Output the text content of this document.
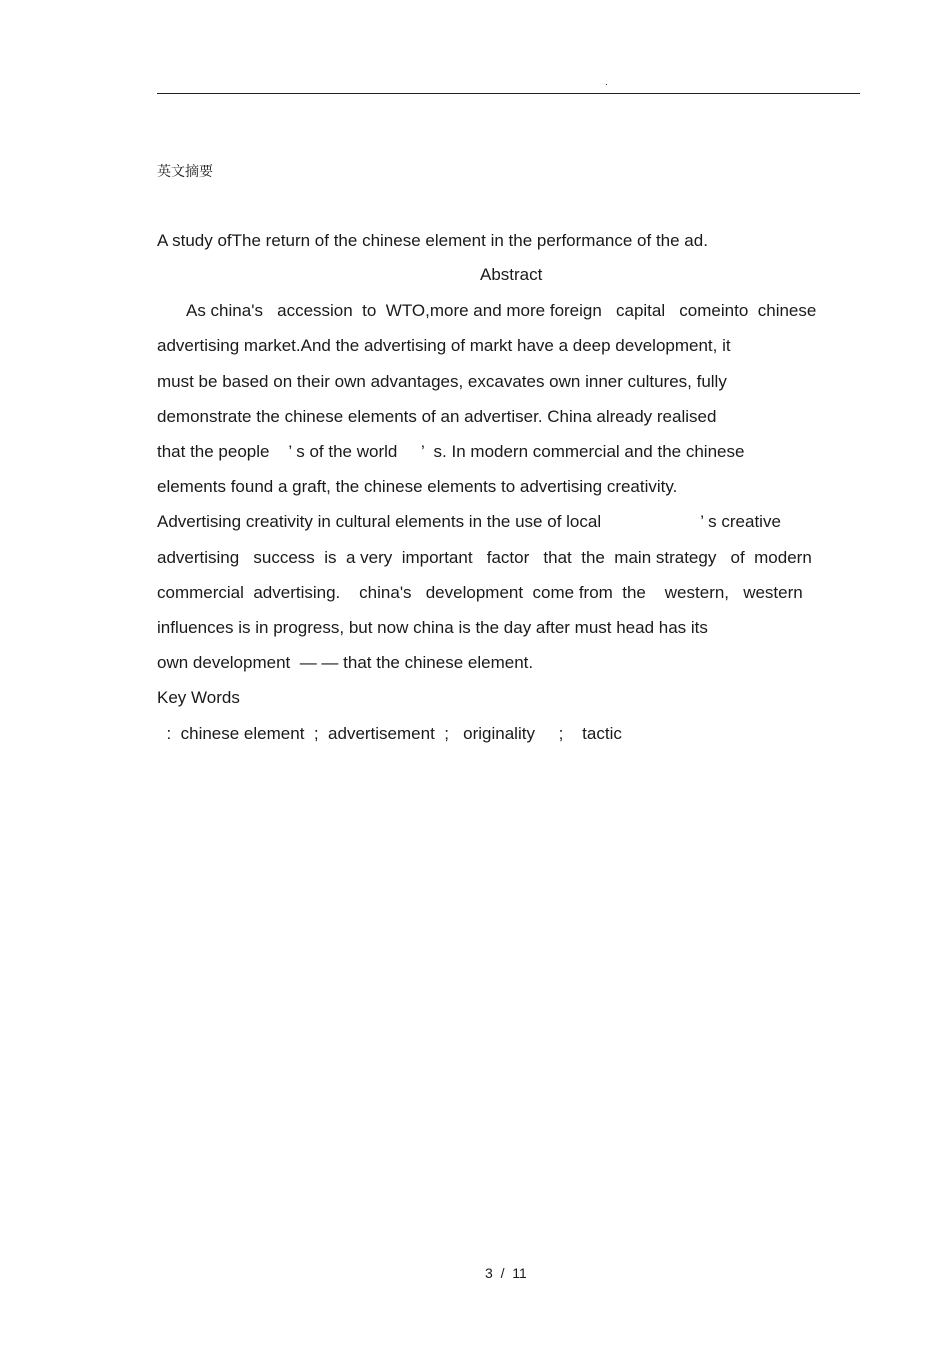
.
英文摘要
A study ofThe return of the chinese element in the performance of the ad.
Abstract
As china's   accession  to  WTO,more and more foreign   capital   comeinto  chinese
advertising market.And the advertising of markt have a deep development, it
must be based on their own advantages, excavates own inner cultures, fully
demonstrate the chinese elements of an advertiser. China already realised
that the people    ’ s of the world     ’  s. In modern commercial and the chinese
elements found a graft, the chinese elements to advertising creativity.
Advertising creativity in cultural elements in the use of local                     ’ s creative
advertising   success  is  a very  important   factor   that  the  main strategy   of  modern
commercial  advertising.    china's   development  come from  the    western,   western
influences is in progress, but now china is the day after must head has its
own development  — — that the chinese element.
Key Words
:  chinese element  ;  advertisement  ;   originality     ;    tactic
3  /  11
